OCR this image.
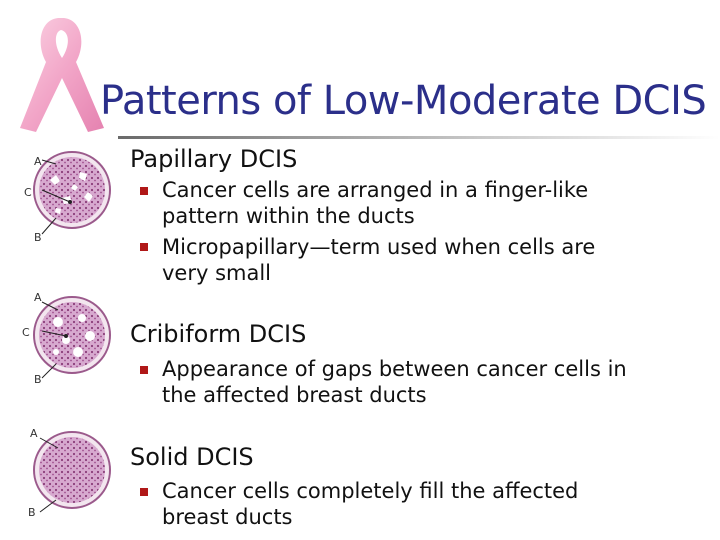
Patterns of Low-Moderate DCIS
A
C
B
A
C
B
A
B
Papillary DCIS
Cancer cells are arranged in a finger-like pattern within the ducts
Micropapillary—term used when cells are very small
Cribiform DCIS
Appearance of gaps between cancer cells in the affected breast ducts
Solid DCIS
Cancer cells completely fill the affected breast ducts
